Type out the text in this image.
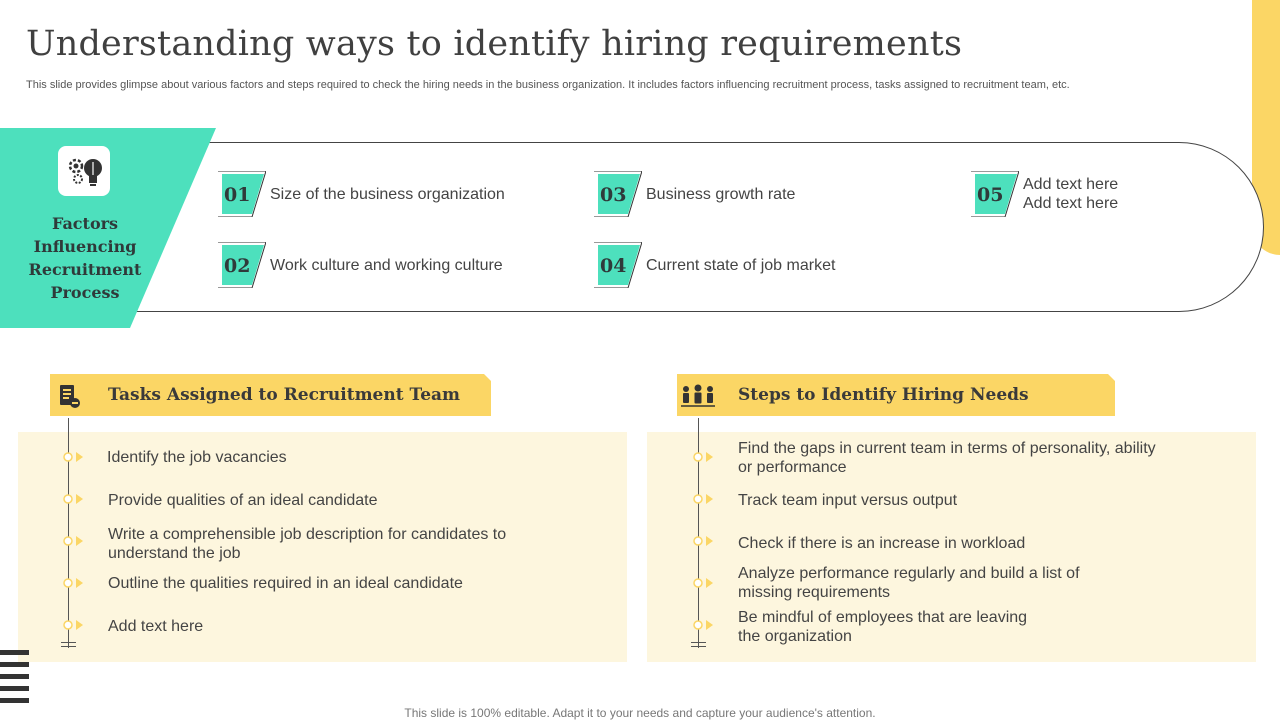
Understanding ways to identify hiring requirements
This slide provides glimpse about various factors and steps required to check the hiring needs in the business organization. It includes factors influencing recruitment process, tasks assigned to recruitment team, etc.
Factors Influencing Recruitment Process
01 Size of the business organization
02 Work culture and working culture
03 Business growth rate
04 Current state of job market
05 Add text here
Add text here
Tasks Assigned to Recruitment Team
Identify the job vacancies
Provide qualities of an ideal candidate
Write a comprehensible job description for candidates to understand the job
Outline the qualities required in an ideal candidate
Add text here
Steps to Identify Hiring Needs
Find the gaps in current team in terms of personality, ability or performance
Track team input versus output
Check if there is an increase in workload
Analyze performance regularly and build a list of missing requirements
Be mindful of employees that are leaving the organization
This slide is 100% editable. Adapt it to your needs and capture your audience's attention.
